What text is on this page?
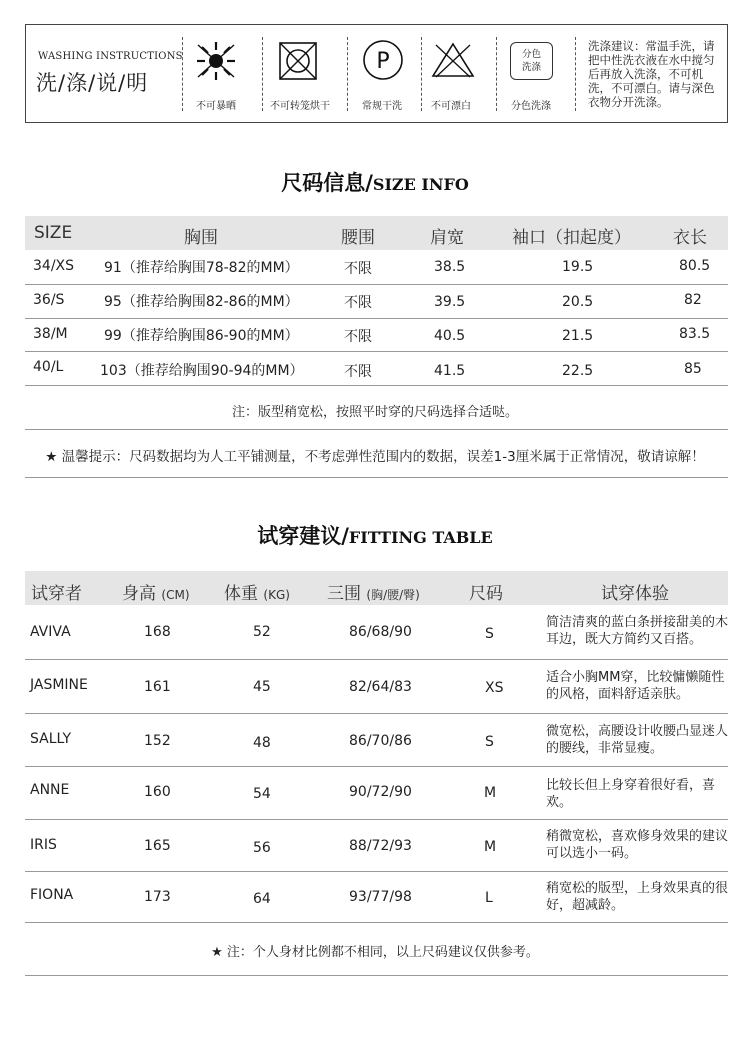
WASHING INSTRUCTIONS
洗/涤/说/明
不可暴晒	不可转笼烘干
P
常规干洗	不可漂白
分色
洗涤
分色洗涤
洗涤建议：常温手洗，请把中性洗衣液在水中搅匀后再放入洗涤，不可机洗，不可漂白。请与深色衣物分开洗涤。
尺码信息/SIZE INFO
SIZE	胸围	腰围	肩宽	袖口（扣起度） 衣长
34/XS 91（推荐给胸围78-82的MM）	不限	38.5	19.5	80.5
36/S	95（推荐给胸围82-86的MM）	不限	39.5	20.5	82
38/M	99（推荐给胸围86-90的MM）	不限	40.5	21.5	83.5
40/L	103（推荐给胸围90-94的MM）	不限	41.5	22.5	85
注：版型稍宽松，按照平时穿的尺码选择合适哒。
★ 温馨提示：尺码数据均为人工平铺测量，不考虑弹性范围内的数据，误差1-3厘米属于正常情况，敬请谅解！
试穿建议/FITTING TABLE
试穿者 身高 (CM) 体重 (KG) 三围 (胸/腰/臀)	尺码	试穿体验
AVIVA	168	52	86/68/90	S
简洁清爽的蓝白条拼接甜美的木耳边，既大方简约又百搭。
JASMINE	161	45	82/64/83	XS
适合小胸MM穿，比较慵懒随性的风格，面料舒适亲肤。
SALLY	152	48	86/70/86	S
微宽松，高腰设计收腰凸显迷人的腰线，非常显瘦。
ANNE	160	54	90/72/90	M	比较长但上身穿着很好看，喜欢。
IRIS	165	56	88/72/93	M
稍微宽松，喜欢修身效果的建议可以选小一码。
FIONA	173	64	93/77/98	L
稍宽松的版型，上身效果真的很好，超减龄。
★ 注：个人身材比例都不相同，以上尺码建议仅供参考。
